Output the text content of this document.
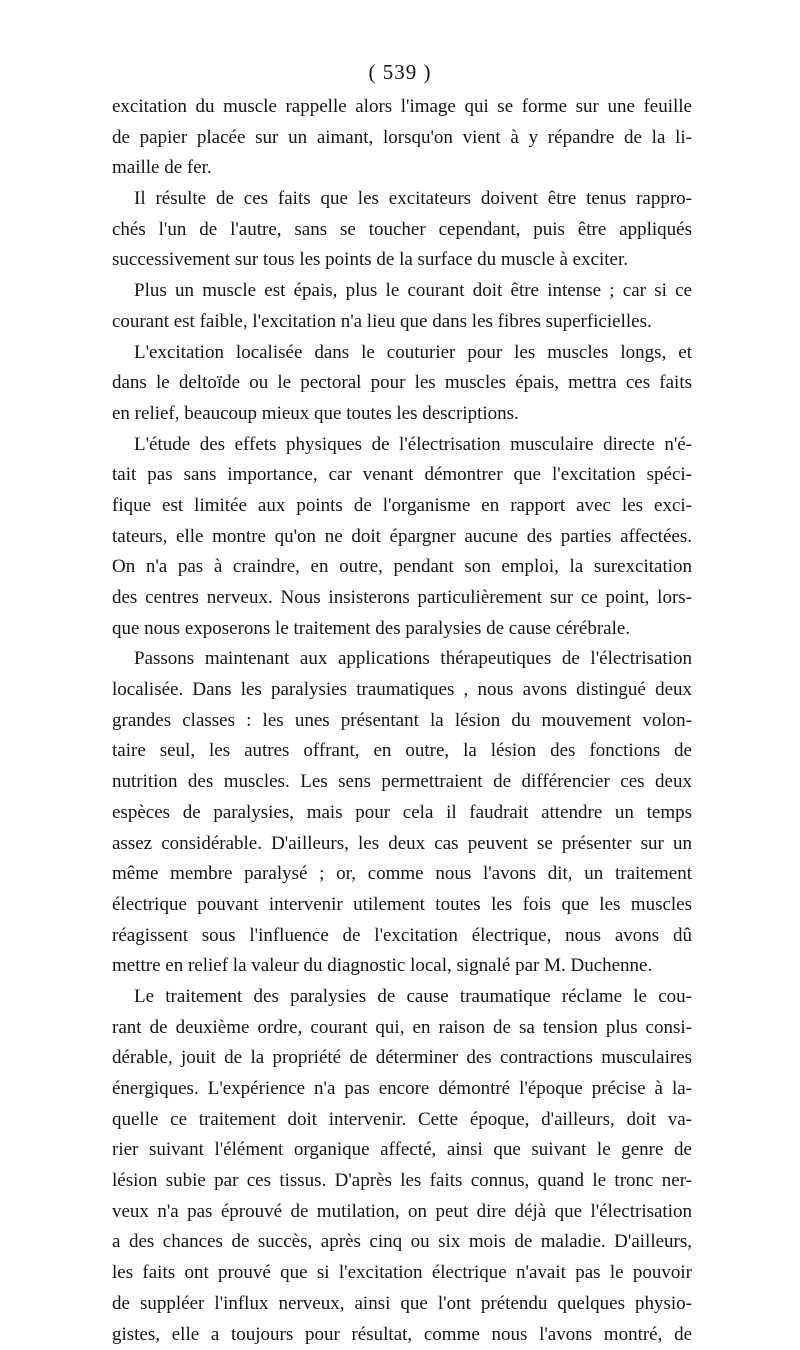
( 539 )
excitation du muscle rappelle alors l'image qui se forme sur une feuille
de papier placée sur un aimant, lorsqu'on vient à y répandre de la li-
maille de fer.
Il résulte de ces faits que les excitateurs doivent être tenus rappro-
chés l'un de l'autre, sans se toucher cependant, puis être appliqués
successivement sur tous les points de la surface du muscle à exciter.
Plus un muscle est épais, plus le courant doit être intense ; car si ce
courant est faible, l'excitation n'a lieu que dans les fibres superficielles.
L'excitation localisée dans le couturier pour les muscles longs, et
dans le deltoïde ou le pectoral pour les muscles épais, mettra ces faits
en relief, beaucoup mieux que toutes les descriptions.
L'étude des effets physiques de l'électrisation musculaire directe n'é-
tait pas sans importance, car venant démontrer que l'excitation spéci-
fique est limitée aux points de l'organisme en rapport avec les exci-
tateurs, elle montre qu'on ne doit épargner aucune des parties affectées.
On n'a pas à craindre, en outre, pendant son emploi, la surexcitation
des centres nerveux. Nous insisterons particulièrement sur ce point, lors-
que nous exposerons le traitement des paralysies de cause cérébrale.
Passons maintenant aux applications thérapeutiques de l'électrisation
localisée. Dans les paralysies traumatiques , nous avons distingué deux
grandes classes : les unes présentant la lésion du mouvement volon-
taire seul, les autres offrant, en outre, la lésion des fonctions de
nutrition des muscles. Les sens permettraient de différencier ces deux
espèces de paralysies, mais pour cela il faudrait attendre un temps
assez considérable. D'ailleurs, les deux cas peuvent se présenter sur un
même membre paralysé ; or, comme nous l'avons dit, un traitement
électrique pouvant intervenir utilement toutes les fois que les muscles
réagissent sous l'influence de l'excitation électrique, nous avons dû
mettre en relief la valeur du diagnostic local, signalé par M. Duchenne.
Le traitement des paralysies de cause traumatique réclame le cou-
rant de deuxième ordre, courant qui, en raison de sa tension plus consi-
dérable, jouit de la propriété de déterminer des contractions musculaires
énergiques. L'expérience n'a pas encore démontré l'époque précise à la-
quelle ce traitement doit intervenir. Cette époque, d'ailleurs, doit va-
rier suivant l'élément organique affecté, ainsi que suivant le genre de
lésion subie par ces tissus. D'après les faits connus, quand le tronc ner-
veux n'a pas éprouvé de mutilation, on peut dire déjà que l'électrisation
a des chances de succès, après cinq ou six mois de maladie. D'ailleurs,
les faits ont prouvé que si l'excitation électrique n'avait pas le pouvoir
de suppléer l'influx nerveux, ainsi que l'ont prétendu quelques physio-
gistes, elle a toujours pour résultat, comme nous l'avons montré, de
